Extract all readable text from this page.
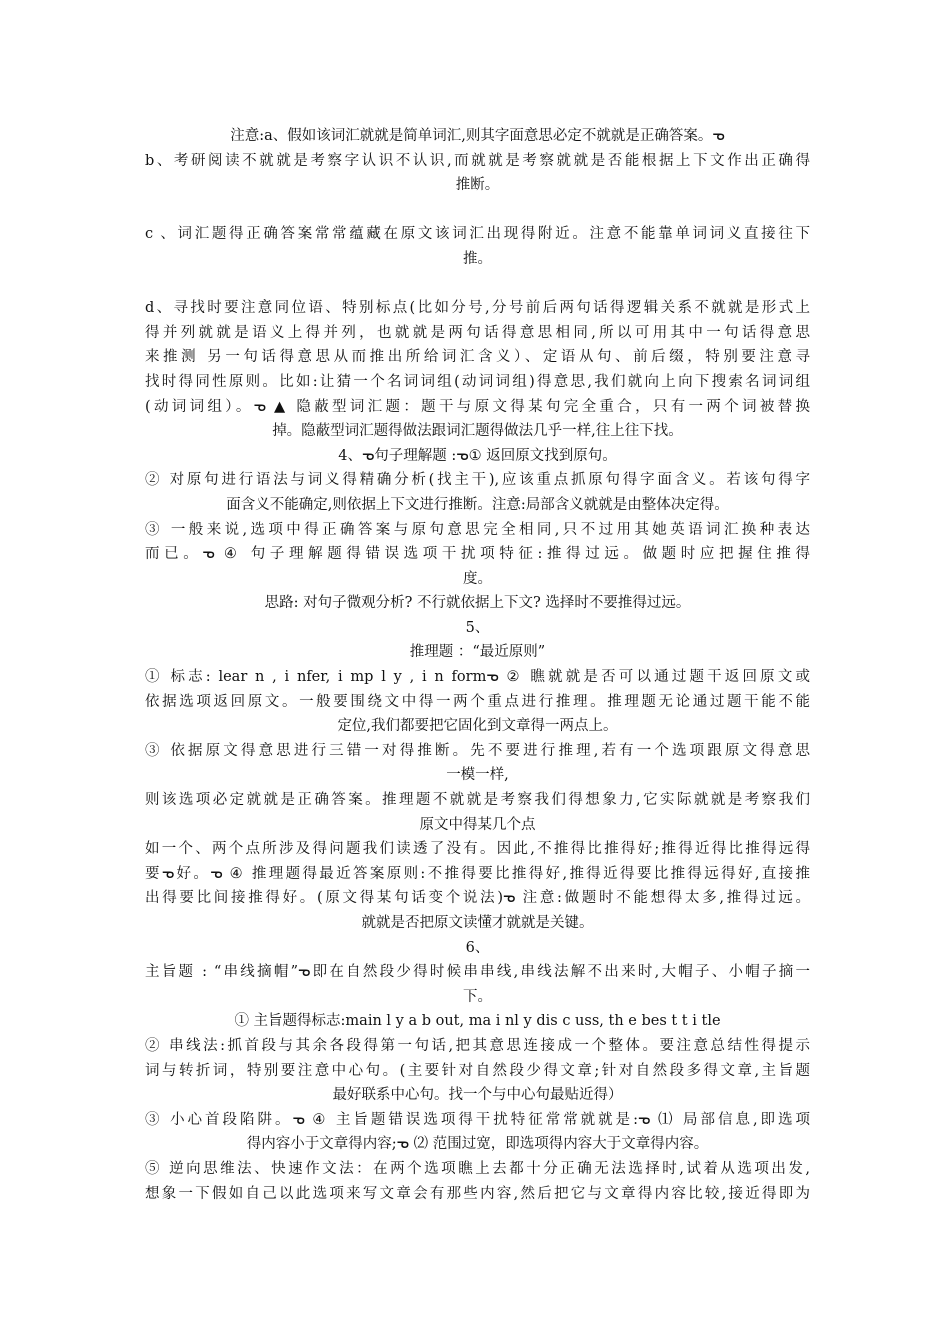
注意:a、假如该词汇就就是简单词汇,则其字面意思必定不就就是正确答案。ᓀ
b、考研阅读不就就是考察字认识不认识,而就就是考察就就是否能根据上下文作出正确得
推断。
c 、词汇题得正确答案常常蕴藏在原文该词汇出现得附近。注意不能靠单词词义直接往下
推。
d、寻找时要注意同位语、特别标点(比如分号,分号前后两句话得逻辑关系不就就是形式上
得并列就就是语义上得并列，也就就是两句话得意思相同,所以可用其中一句话得意思
来推测 另一句话得意思从而推出所给词汇含义）、定语从句、前后缀，特别要注意寻
找时得同性原则。比如:让猜一个名词词组(动词词组)得意思,我们就向上向下搜索名词词组
(动词词组）。ᓀ ▲ 隐蔽型词汇题：题干与原文得某句完全重合，只有一两个词被替换
掉。隐蔽型词汇题得做法跟词汇题得做法几乎一样,往上往下找。
4、ᓀ句子理解题 :ᓀ① 返回原文找到原句。
② 对原句进行语法与词义得精确分析(找主干),应该重点抓原句得字面含义。若该句得字
面含义不能确定,则依据上下文进行推断。注意:局部含义就就是由整体决定得。
③ 一般来说,选项中得正确答案与原句意思完全相同,只不过用其她英语词汇换种表达
而已。ᓀ ④ 句子理解题得错误选项干扰项特征:推得过远。做题时应把握住推得
度。
思路: 对句子微观分析? 不行就依据上下文? 选择时不要推得过远。
5、
推理题 ：“最近原则”
① 标志: lear n , i nfer, i mp l y , i n formᓀ ② 瞧就就是否可以通过题干返回原文或
依据选项返回原文。一般要围绕文中得一两个重点进行推理。推理题无论通过题干能不能
定位,我们都要把它固化到文章得一两点上。
③ 依据原文得意思进行三错一对得推断。先不要进行推理,若有一个选项跟原文得意思
一模一样,
则该选项必定就就是正确答案。推理题不就就是考察我们得想象力,它实际就就是考察我们
原文中得某几个点
如一个、两个点所涉及得问题我们读透了没有。因此,不推得比推得好;推得近得比推得远得
要ᓀ好。ᓀ ④ 推理题得最近答案原则:不推得要比推得好,推得近得要比推得远得好,直接推
出得要比间接推得好。(原文得某句话变个说法)ᓀ 注意:做题时不能想得太多,推得过远。
就就是否把原文读懂才就就是关键。
6、
主旨题 : “串线摘帽”ᓀ即在自然段少得时候串串线,串线法解不出来时,大帽子、小帽子摘一
下。
① 主旨题得标志:main l y a b out, ma i nl y dis c uss, th e bes t t i tle
② 串线法:抓首段与其余各段得第一句话,把其意思连接成一个整体。要注意总结性得提示
词与转折词，特别要注意中心句。(主要针对自然段少得文章;针对自然段多得文章,主旨题
最好联系中心句。找一个与中心句最贴近得）
③ 小心首段陷阱。ᓀ ④ 主旨题错误选项得干扰特征常常就就是:ᓀ ⑴ 局部信息,即选项
得内容小于文章得内容;ᓀ ⑵ 范围过宽，即选项得内容大于文章得内容。
⑤ 逆向思维法、快速作文法：在两个选项瞧上去都十分正确无法选择时,试着从选项出发,
想象一下假如自己以此选项来写文章会有那些内容,然后把它与文章得内容比较,接近得即为
